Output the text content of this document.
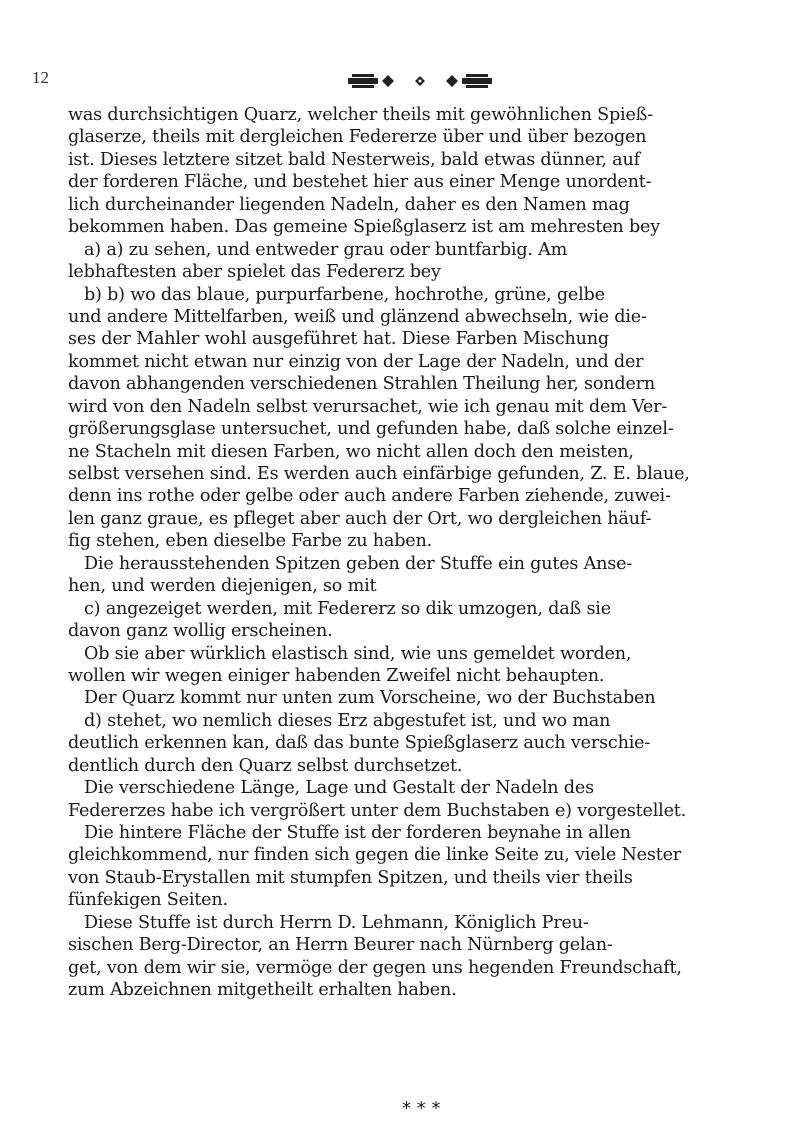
12
was durchsichtigen Quarz, welcher theils mit gewöhnlichen Spieß-
glaserze, theils mit dergleichen Federerze über und über bezogen
ist. Dieses letztere sitzet bald Nesterweis, bald etwas dünner, auf
der forderen Fläche, und bestehet hier aus einer Menge unordent-
lich durcheinander liegenden Nadeln, daher es den Namen mag
bekommen haben. Das gemeine Spießglaserz ist am mehresten bey
a) a) zu sehen, und entweder grau oder buntfarbig. Am
lebhaftesten aber spielet das Federerz bey
b) b) wo das blaue, purpurfarbene, hochrothe, grüne, gelbe
und andere Mittelfarben, weiß und glänzend abwechseln, wie die-
ses der Mahler wohl ausgeführet hat. Diese Farben Mischung
kommet nicht etwan nur einzig von der Lage der Nadeln, und der
davon abhangenden verschiedenen Strahlen Theilung her, sondern
wird von den Nadeln selbst verursachet, wie ich genau mit dem Ver-
größerungsglase untersuchet, und gefunden habe, daß solche einzel-
ne Stacheln mit diesen Farben, wo nicht allen doch den meisten,
selbst versehen sind. Es werden auch einfärbige gefunden, Z. E. blaue,
denn ins rothe oder gelbe oder auch andere Farben ziehende, zuwei-
len ganz graue, es pfleget aber auch der Ort, wo dergleichen häuf-
fig stehen, eben dieselbe Farbe zu haben.
Die herausstehenden Spitzen geben der Stuffe ein gutes Anse-
hen, und werden diejenigen, so mit
c) angezeiget werden, mit Federerz so dik umzogen, daß sie
davon ganz wollig erscheinen.
Ob sie aber würklich elastisch sind, wie uns gemeldet worden,
wollen wir wegen einiger habenden Zweifel nicht behaupten.
Der Quarz kommt nur unten zum Vorscheine, wo der Buchstaben
d) stehet, wo nemlich dieses Erz abgestufet ist, und wo man
deutlich erkennen kan, daß das bunte Spießglaserz auch verschie-
dentlich durch den Quarz selbst durchsetzet.
Die verschiedene Länge, Lage und Gestalt der Nadeln des
Federerzes habe ich vergrößert unter dem Buchstaben e) vorgestellet.
Die hintere Fläche der Stuffe ist der forderen beynahe in allen
gleichkommend, nur finden sich gegen die linke Seite zu, viele Nester
von Staub-Erystallen mit stumpfen Spitzen, und theils vier theils
fünfekigen Seiten.
Diese Stuffe ist durch Herrn D. Lehmann, Königlich Preu-
sischen Berg-Director, an Herrn Beurer nach Nürnberg gelan-
get, von dem wir sie, vermöge der gegen uns hegenden Freundschaft,
zum Abzeichnen mitgetheilt erhalten haben.
* * *
